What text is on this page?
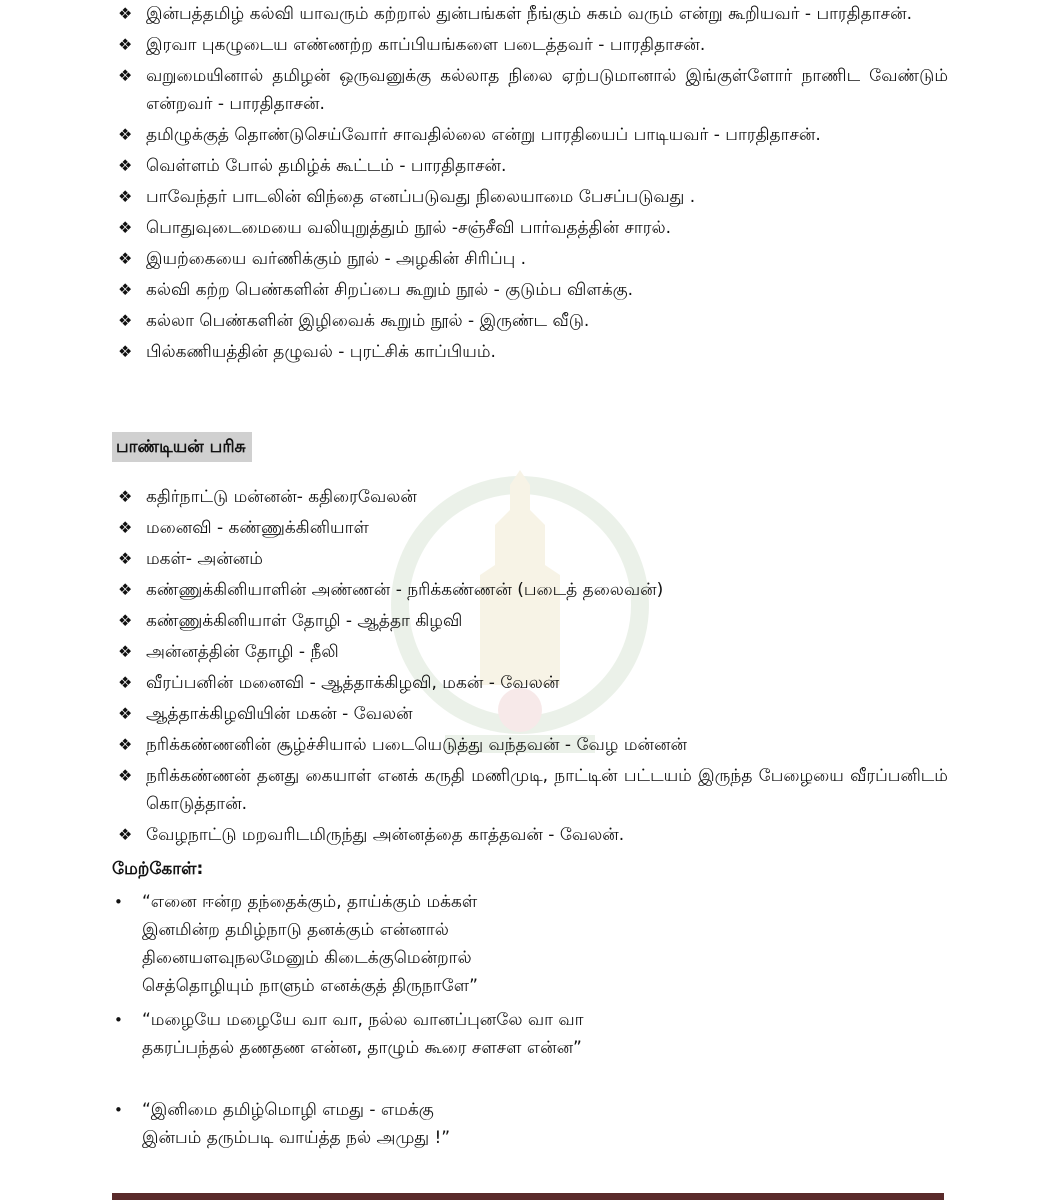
❖ இன்பத்தமிழ் கல்வி யாவரும் கற்றால் துன்பங்கள் நீங்கும் சுகம் வரும் என்று கூறியவர் - பாரதிதாசன்.
❖ இரவா புகழுடைய எண்ணற்ற காப்பியங்களை படைத்தவர் - பாரதிதாசன்.
❖ வறுமையினால் தமிழன் ஒருவனுக்கு கல்லாத நிலை ஏற்படுமானால் இங்குள்ளோர் நாணிட வேண்டும் என்றவர் - பாரதிதாசன்.
❖ தமிழுக்குத் தொண்டுசெய்வோர் சாவதில்லை என்று பாரதியைப் பாடியவர் - பாரதிதாசன்.
❖ வெள்ளம் போல் தமிழ்க் கூட்டம் - பாரதிதாசன்.
❖ பாவேந்தர் பாடலின் விந்தை எனப்படுவது நிலையாமை பேசப்படுவது .
❖ பொதுவுடைமையை வலியுறுத்தும் நூல் -சஞ்சீவி பார்வதத்தின் சாரல்.
❖ இயற்கையை வர்ணிக்கும் நூல் - அழகின் சிரிப்பு .
❖ கல்வி கற்ற பெண்களின் சிறப்பை கூறும் நூல் - குடும்ப விளக்கு.
❖ கல்லா பெண்களின் இழிவைக் கூறும் நூல் - இருண்ட வீடு.
❖ பில்கணியத்தின் தழுவல் - புரட்சிக் காப்பியம்.
பாண்டியன் பரிசு
❖ கதிர்நாட்டு மன்னன்- கதிரைவேலன்
❖ மனைவி - கண்ணுக்கினியாள்
❖ மகள்- அன்னம்
❖ கண்ணுக்கினியாளின் அண்ணன் - நரிக்கண்ணன் (படைத் தலைவன்)
❖ கண்ணுக்கினியாள் தோழி - ஆத்தா கிழவி
❖ அன்னத்தின் தோழி - நீலி
❖ வீரப்பனின் மனைவி - ஆத்தாக்கிழவி, மகன் - வேலன்
❖ ஆத்தாக்கிழவியின் மகன் - வேலன்
❖ நரிக்கண்ணனின் சூழ்ச்சியால் படையெடுத்து வந்தவன் - வேழ மன்னன்
❖ நரிக்கண்ணன் தனது கையாள் எனக் கருதி மணிமுடி, நாட்டின் பட்டயம் இருந்த பேழையை வீரப்பனிடம் கொடுத்தான்.
❖ வேழநாட்டு மறவரிடமிருந்து அன்னத்தை காத்தவன் - வேலன்.
மேற்கோள்:
• “எனை ஈன்ற தந்தைக்கும், தாய்க்கும் மக்கள்
இனமின்ற தமிழ்நாடு தனக்கும் என்னால்
தினையளவுநலமேனும் கிடைக்குமென்றால்
செத்தொழியும் நாளும் எனக்குத் திருநாளே”
• “மழையே மழையே வா வா, நல்ல வானப்புனலே வா வா
தகரப்பந்தல் தணதண என்ன, தாழும் கூரை சளசள என்ன”
• “இனிமை தமிழ்மொழி எமது - எமக்கு
இன்பம் தரும்படி வாய்த்த நல் அமுது !”
